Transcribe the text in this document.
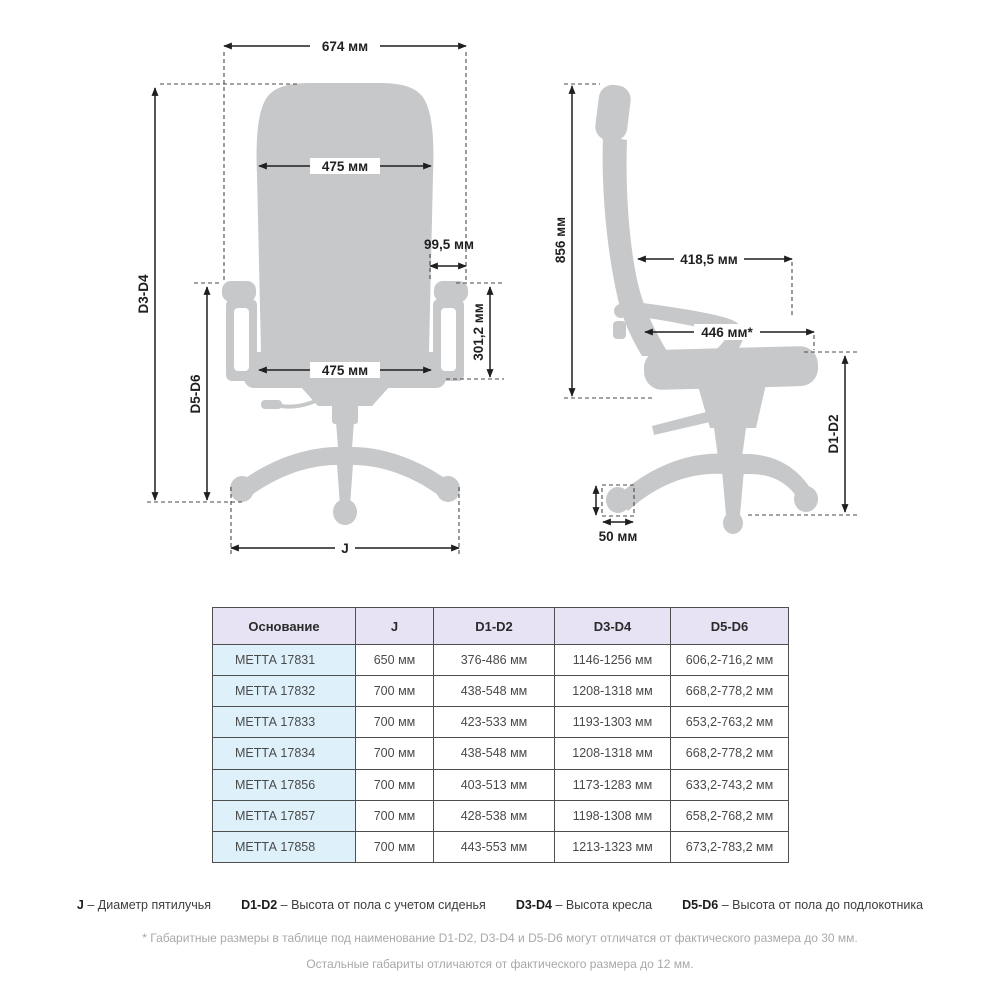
674 мм
475 мм
99,5 мм
301,2 мм
475 мм
D3-D4
D5-D6
J
856 мм	418,5 мм
446 мм*
D1-D2
50 мм
Основание	J	D1-D2	D3-D4	D5-D6
МЕТТА 17831	650 мм	376-486 мм	1146-1256 мм	606,2-716,2 мм
МЕТТА 17832	700 мм	438-548 мм	1208-1318 мм	668,2-778,2 мм
МЕТТА 17833	700 мм	423-533 мм	1193-1303 мм	653,2-763,2 мм
МЕТТА 17834	700 мм	438-548 мм	1208-1318 мм	668,2-778,2 мм
МЕТТА 17856	700 мм	403-513 мм	1173-1283 мм	633,2-743,2 мм
МЕТТА 17857	700 мм	428-538 мм	1198-1308 мм	658,2-768,2 мм
МЕТТА 17858	700 мм	443-553 мм	1213-1323 мм	673,2-783,2 мм
J – Диаметр пятилучья D1-D2 – Высота от пола с учетом сиденья D3-D4 – Высота кресла D5-D6 – Высота от пола до подлокотника
* Габаритные размеры в таблице под наименование D1-D2, D3-D4 и D5-D6 могут отличатся от фактического размера до 30 мм.
Остальные габариты отличаются от фактического размера до 12 мм.
